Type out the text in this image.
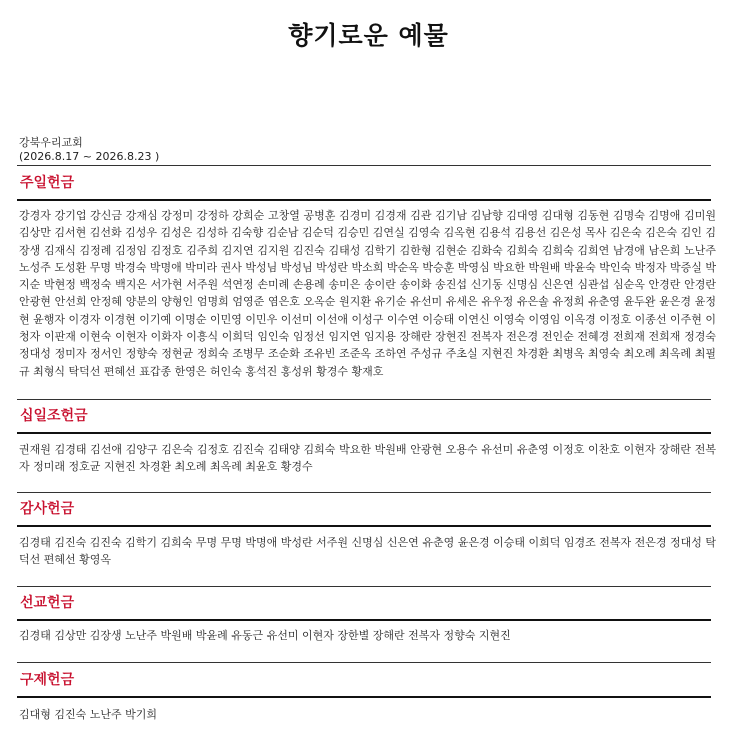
향기로운 예물
강북우리교회
(2026.8.17 ~ 2026.8.23 )
주일헌금
강경자 강기업 강신금 강재심 강정미 강정하 강희순 고창열 공병훈 김경미 김경재 김관 김기남 김남향 김대영 김대형 김동현 김명숙 김명애 김미원 김상만 김서현 김선화 김성우 김성은 김성하 김숙향 김순남 김순덕 김승민 김연실 김영숙 김옥현 김용석 김용선 김은성 목사 김은숙 김은숙 김인 김장생 김재식 김정례 김정임 김정호 김주희 김지연 김지원 김진숙 김태성 김학기 김한형 김현순 김화숙 김희숙 김희숙 김희연 남경애 남은희 노난주 노성주 도성환 무명 박경숙 박명애 박미라 권사 박성님 박성님 박성란 박소희 박순옥 박승훈 박영심 박요한 박원배 박윤숙 박인숙 박정자 박증실 박지순 박현정 백정숙 백지은 서가현 서주원 석연정 손미례 손용례 송미은 송이란 송이화 송진섭 신기동 신명심 신은연 심관섭 심순옥 안경란 안경란 안광현 안선희 안정혜 양분의 양형인 엄명희 엄영준 염은호 오옥순 원지환 유기순 유선미 유세은 유우정 유은솔 유정희 유춘영 윤두완 윤은경 윤정현 윤행자 이경자 이경현 이기예 이명순 이민영 이민우 이선미 이선애 이성구 이수연 이승태 이연신 이영숙 이영임 이옥경 이정호 이종선 이주현 이청자 이판재 이현숙 이현자 이화자 이흥식 이희덕 임인숙 임정선 임지연 임지용 장해란 장현진 전복자 전은경 전인순 전혜경 전희재 전희재 정경숙 정대성 정미자 정서인 정향숙 정현균 정희숙 조병무 조순화 조유빈 조준옥 조하연 주성규 주초실 지현진 차경환 최병옥 최영숙 최오례 최옥례 최필규 최형식 탁덕선 편혜선 표갑종 한영은 허인숙 홍석진 홍성위 황경수 황재호
십일조헌금
권재원 김경태 김선애 김양구 김은숙 김정호 김진숙 김태양 김희숙 박요한 박원배 안광현 오용수 유선미 유춘영 이정호 이찬호 이현자 장해란 전복자 정미래 정호균 지현진 차경환 최오례 최옥례 최윤호 황경수
감사헌금
김경태 김진숙 김진숙 김학기 김희숙 무명 무명 박명애 박성란 서주원 신명심 신은연 유춘영 윤은경 이승태 이희덕 임경조 전복자 전은경 정대성 탁덕선 편혜선 황영옥
선교헌금
김경태 김상만 김장생 노난주 박원배 박윤례 유동근 유선미 이현자 장한별 장해란 전복자 정향숙 지현진
구제헌금
김대형 김진숙 노난주 박기희
